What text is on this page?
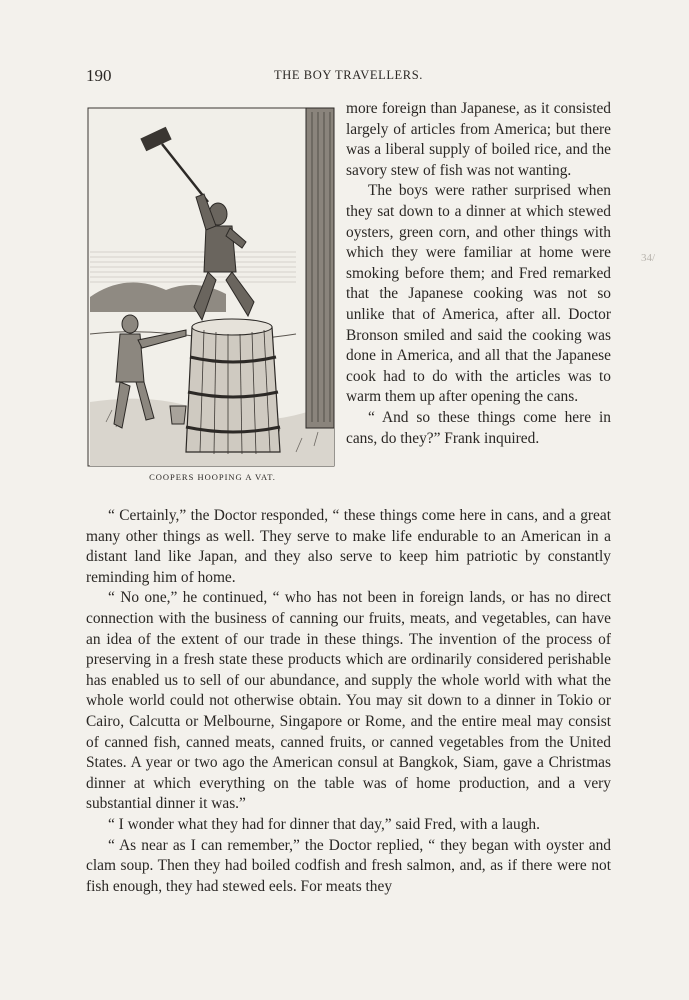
190	THE BOY TRAVELLERS.
COOPERS HOOPING A VAT.

more foreign than Japanese, as it consisted largely of articles from America; but there was a liberal supply of boiled rice, and the savory stew of fish was not wanting.

The boys were rather surprised when they sat down to a dinner at which stewed oysters, green corn, and other things with which they were familiar at home were smoking before them; and Fred remarked that the Japanese cooking was not so unlike that of America, after all. Doctor Bronson smiled and said the cooking was done in America, and all that the Japanese cook had to do with the articles was to warm them up after opening the cans.

“ And so these things come here in cans, do they?” Frank inquired.

“ Certainly,” the Doctor responded, “ these things come here in cans, and a great many other things as well. They serve to make life endurable to an American in a distant land like Japan, and they also serve to keep him patriotic by constantly reminding him of home.

“ No one,” he continued, “ who has not been in foreign lands, or has no direct connection with the business of canning our fruits, meats, and vegetables, can have an idea of the extent of our trade in these things. The invention of the process of preserving in a fresh state these products which are ordinarily considered perishable has enabled us to sell of our abundance, and supply the whole world with what the whole world could not otherwise obtain. You may sit down to a dinner in Tokio or Cairo, Calcutta or Melbourne, Singapore or Rome, and the entire meal may consist of canned fish, canned meats, canned fruits, or canned vegetables from the United States. A year or two ago the American consul at Bangkok, Siam, gave a Christmas dinner at which everything on the table was of home production, and a very substantial dinner it was.”

“ I wonder what they had for dinner that day,” said Fred, with a laugh.

“ As near as I can remember,” the Doctor replied, “ they began with oyster and clam soup. Then they had boiled codfish and fresh salmon, and, as if there were not fish enough, they had stewed eels. For meats they

34/
